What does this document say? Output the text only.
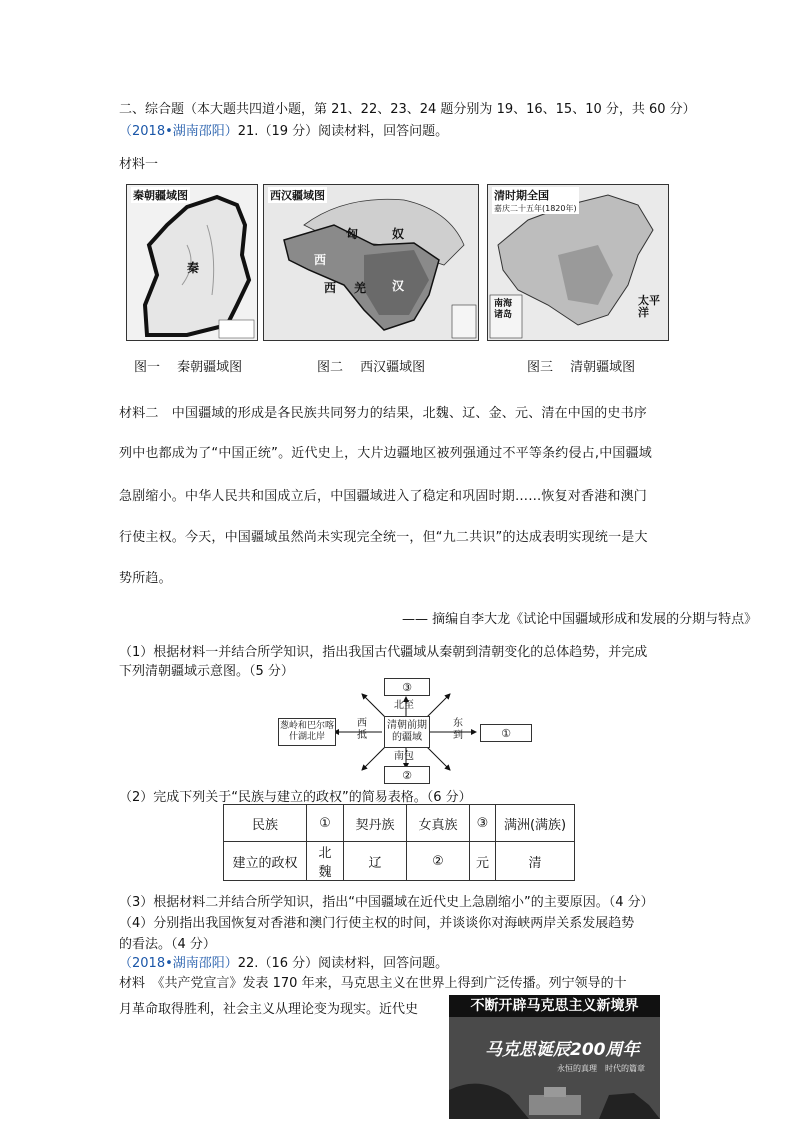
二、综合题（本大题共四道小题，第 21、22、23、24 题分别为 19、16、15、10 分，共 60 分）
（2018•湖南邵阳）21.（19 分）阅读材料，回答问题。
材料一
秦朝疆域图
秦
西汉疆域图
匈	奴
西
西 羌 汉
清时期全国
嘉庆二十五年(1820年)
太平洋
南海诸岛
图一　 秦朝疆域图	图二　 西汉疆域图	图三　 清朝疆域图
材料二　中国疆域的形成是各民族共同努力的结果，北魏、辽、金、元、清在中国的史书序
列中也都成为了“中国正统”。近代史上，大片边疆地区被列强通过不平等条约侵占,中国疆域
急剧缩小。中华人民共和国成立后，中国疆域进入了稳定和巩固时期……恢复对香港和澳门
行使主权。今天，中国疆域虽然尚未实现完全统一，但“九二共识”的达成表明实现统一是大
势所趋。
—— 摘编自李大龙《试论中国疆域形成和发展的分期与特点》
（1）根据材料一并结合所学知识，指出我国古代疆域从秦朝到清朝变化的总体趋势，并完成
下列清朝疆域示意图。（5 分）
③
北至
清朝前期的疆域
葱岭和巴尔喀什湖北岸
西抵
东到	①
南包
②
（2）完成下列关于“民族与建立的政权”的简易表格。（6 分）
民族	①	契丹族	女真族	③	满洲(满族)
建立的政权	北魏	辽	②	元	清
（3）根据材料二并结合所学知识，指出“中国疆域在近代史上急剧缩小”的主要原因。（4 分）
（4）分别指出我国恢复对香港和澳门行使主权的时间，并谈谈你对海峡两岸关系发展趋势
的看法。（4 分）
（2018•湖南邵阳）22.（16 分）阅读材料，回答问题。
材料　《共产党宣言》发表 170 年来，马克思主义在世界上得到广泛传播。列宁领导的十
月革命取得胜利，社会主义从理论变为现实。近代史	不断开辟马克思主义新境界
马克思诞辰200周年
永恒的真理　时代的篇章
